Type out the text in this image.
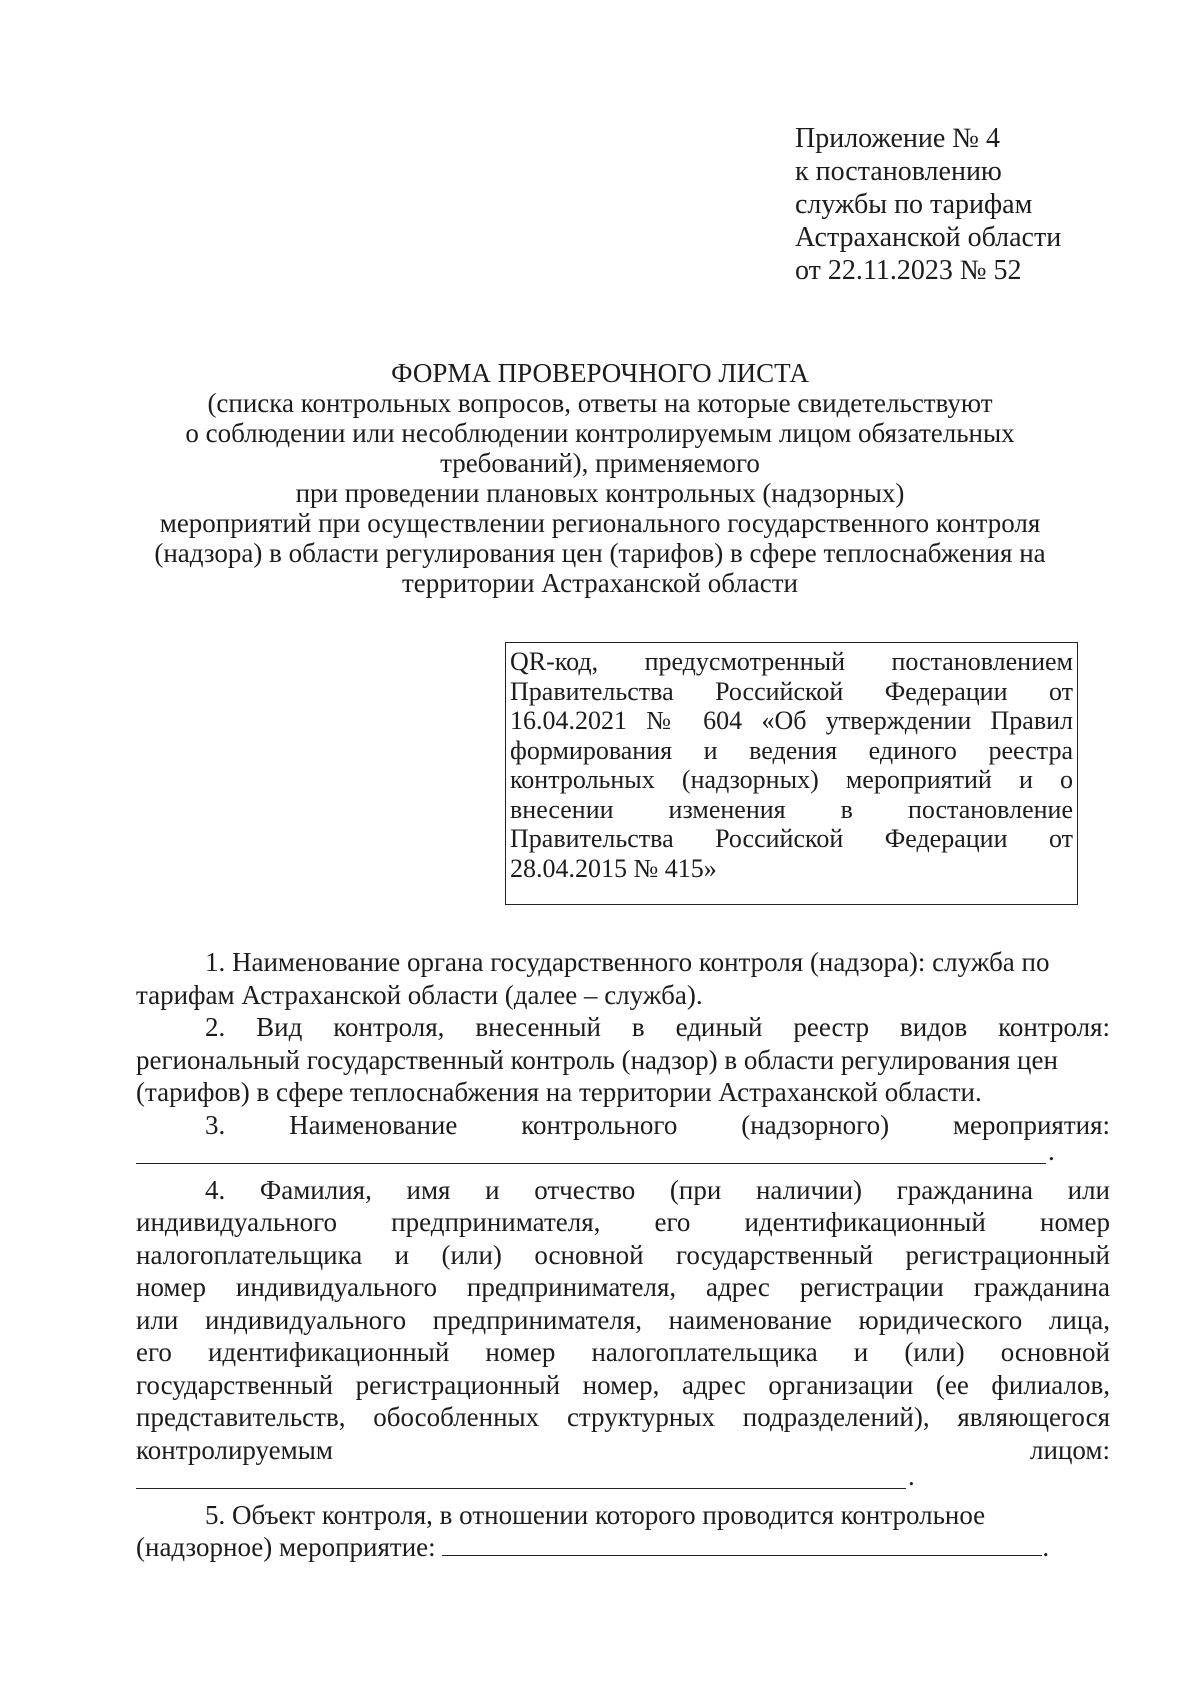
Приложение № 4
к постановлению
службы по тарифам
Астраханской области
от 22.11.2023 № 52
ФОРМА ПРОВЕРОЧНОГО ЛИСТА
(списка контрольных вопросов, ответы на которые свидетельствуют
о соблюдении или несоблюдении контролируемым лицом обязательных
требований), применяемого
при проведении плановых контрольных (надзорных)
мероприятий при осуществлении регионального государственного контроля
(надзора) в области регулирования цен (тарифов) в сфере теплоснабжения на
территории Астраханской области
QR-код, предусмотренный постановлением
Правительства Российской Федерации от
16.04.2021 № 604 «Об утверждении Правил
формирования и ведения единого реестра
контрольных (надзорных) мероприятий и о
внесении изменения в постановление
Правительства Российской Федерации от
28.04.2015 № 415»
1. Наименование органа государственного контроля (надзора): служба по
тарифам Астраханской области (далее – служба).
2. Вид контроля, внесенный в единый реестр видов контроля:
региональный государственный контроль (надзор) в области регулирования цен
(тарифов) в сфере теплоснабжения на территории Астраханской области.
3. Наименование контрольного (надзорного) мероприятия:
.
4. Фамилия, имя и отчество (при наличии) гражданина или
индивидуального предпринимателя, его идентификационный номер
налогоплательщика и (или) основной государственный регистрационный
номер индивидуального предпринимателя, адрес регистрации гражданина
или индивидуального предпринимателя, наименование юридического лица,
его идентификационный номер налогоплательщика и (или) основной
государственный регистрационный номер, адрес организации (ее филиалов,
представительств, обособленных структурных подразделений), являющегося
контролируемым лицом:
.
5. Объект контроля, в отношении которого проводится контрольное
(надзорное) мероприятие:	.
